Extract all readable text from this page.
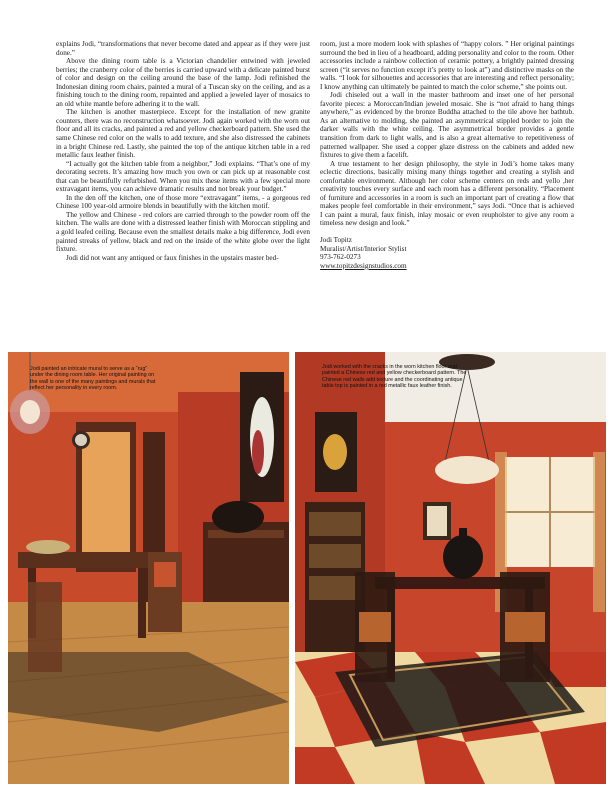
explains Jodi, “transformations that never become dated and appear as if they were just done.”

Above the dining room table is a Victorian chandelier entwined with jeweled berries; the cranberry color of the berries is carried upward with a delicate painted burst of color and design on the ceiling around the base of the lamp. Jodi refinished the Indonesian dining room chairs, painted a mural of a Tuscan sky on the ceiling, and as a finishing touch to the dining room, repainted and applied a jeweled layer of mosaics to an old white mantle before adhering it to the wall.

The kitchen is another masterpiece. Except for the installation of new granite counters, there was no reconstruction whatsoever. Jodi again worked with the worn out floor and all its cracks, and painted a red and yellow checkerboard pattern. She used the same Chinese red color on the walls to add texture, and she also distressed the cabinets in a bright Chinese red. Lastly, she painted the top of the antique kitchen table in a red metallic faux leather finish.

“I actually got the kitchen table from a neighbor,” Jodi explains. “That’s one of my decorating secrets. It’s amazing how much you own or can pick up at reasonable cost that can be beautifully refurbished. When you mix these items with a few special more extravagant items, you can achieve dramatic results and not break your budget.”

In the den off the kitchen, one of those more “extravagant” items, - a gorgeous red Chinese 100 year-old armoire blends in beautifully with the kitchen motif.

The yellow and Chinese - red colors are carried through to the powder room off the kitchen. The walls are done with a distressed leather finish with Moroccan stippling and a gold leafed ceiling. Because even the smallest details make a big difference, Jodi even painted streaks of yellow, black and red on the inside of the white globe over the light fixture.

Jodi did not want any antiqued or faux finishes in the upstairs master bed-

room, just a more modern look with splashes of “happy colors. ” Her original paintings surround the bed in lieu of a headboard, adding personality and color to the room. Other accessories include a rainbow collection of ceramic pottery, a brightly painted dressing screen (“it serves no function except it’s pretty to look at”) and distinctive masks on the walls. “I look for silhouettes and accessories that are interesting and reflect personality; I know anything can ultimately be painted to match the color scheme,” she points out.

Jodi chiseled out a wall in the master bathroom and inset one of her personal favorite pieces: a Moroccan/Indian jeweled mosaic. She is “not afraid to hang things anywhere,” as evidenced by the bronze Buddha attached to the tile above her bathtub. As an alternative to molding, she painted an asymmetrical stippled border to join the darker walls with the white ceiling. The asymmetrical border provides a gentle transition from dark to light walls, and is also a great alternative to repetitiveness of patterned wallpaper. She used a copper glaze distress on the cabinets and added new fixtures to give them a facelift.

A true testament to her design philosophy, the style in Jodi’s home takes many eclectic directions, basically mixing many things together and creating a stylish and comfortable environment. Although her color scheme centers on reds and yello ,her creativity touches every surface and each room has a different personality. “Placement of furniture and accessories in a room is such an important part of creating a flow that makes people feel comfortable in their environment,” says Jodi. “Once that is achieved I can paint a mural, faux finish, inlay mosaic or even reupholster to give any room a timeless new design and look.”

Jodi Topitz
Muralist/Artist/Interior Stylist
973-762-0273
www.topitzdesignstudios.com
Jodi painted an intricate mural to serve as a “rug” under the dining room table. Her original painting on the wall is one of the many paintings and murals that reflect her personality in every room.
Jodi worked with the cracks in the worn kitchen floor and painted a Chinese red and yellow checkerboard pattern. The Chinese red walls add texture and the coordinating antique table top is painted in a red metallic faux leather finish.
